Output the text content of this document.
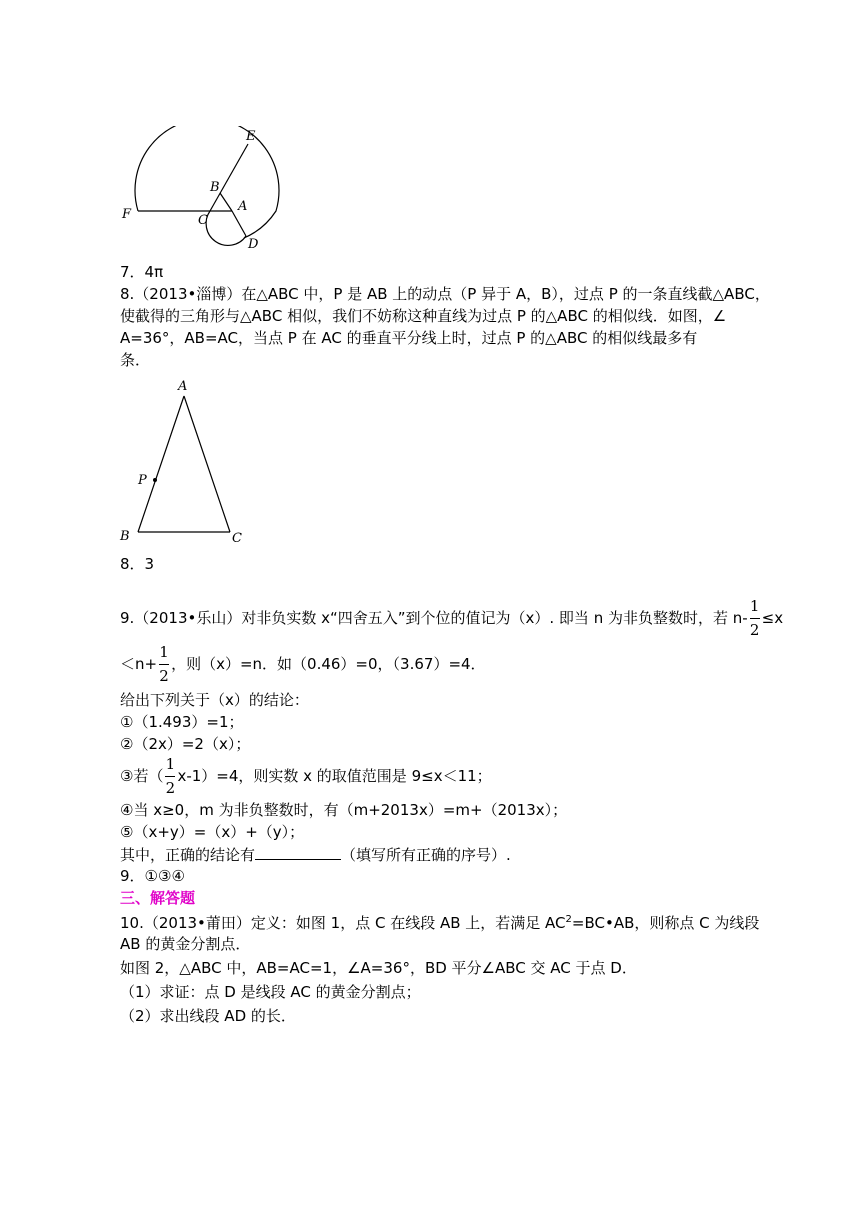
E
B
A
F	C
D
7．4π
8.（2013•淄博）在△ABC 中，P 是 AB 上的动点（P 异于 A，B），过点 P 的一条直线截△ABC，
使截得的三角形与△ABC 相似，我们不妨称这种直线为过点 P 的△ABC 的相似线．如图，∠
A=36°，AB=AC，当点 P 在 AC 的垂直平分线上时，过点 P 的△ABC 的相似线最多有
条．
A
P
B	C
8．3
9.（2013•乐山）对非负实数 x“四舍五入”到个位的值记为（x）. 即当 n 为非负整数时，若 $n- \frac{1}{2} \le x$
$<n+ \frac{1}{2}$ ，则（x）=n．如（0.46）=0，（3.67）=4．
给出下列关于（x）的结论：
①（1.493）=1；
②（2x）=2（x）；
③若（ $\frac{1}{2} x-1)=4$，则实数 x 的取值范围是 9≤x＜11；
④当 x≥0，m 为非负整数时，有（m+2013x）=m+（2013x）；
⑤（x+y）=（x）+（y）；
其中，正确的结论有	（填写所有正确的序号）.
9．①③④
三、解答题
10.（2013•莆田）定义：如图 1，点 C 在线段 AB 上，若满足 $AC^2=BC•AB$，则称点 C 为线段
AB 的黄金分割点．
如图 2，△ABC 中，AB=AC=1，∠A=36°，BD 平分∠ABC 交 AC 于点 D．
（1）求证：点 D 是线段 AC 的黄金分割点；
（2）求出线段 AD 的长．
